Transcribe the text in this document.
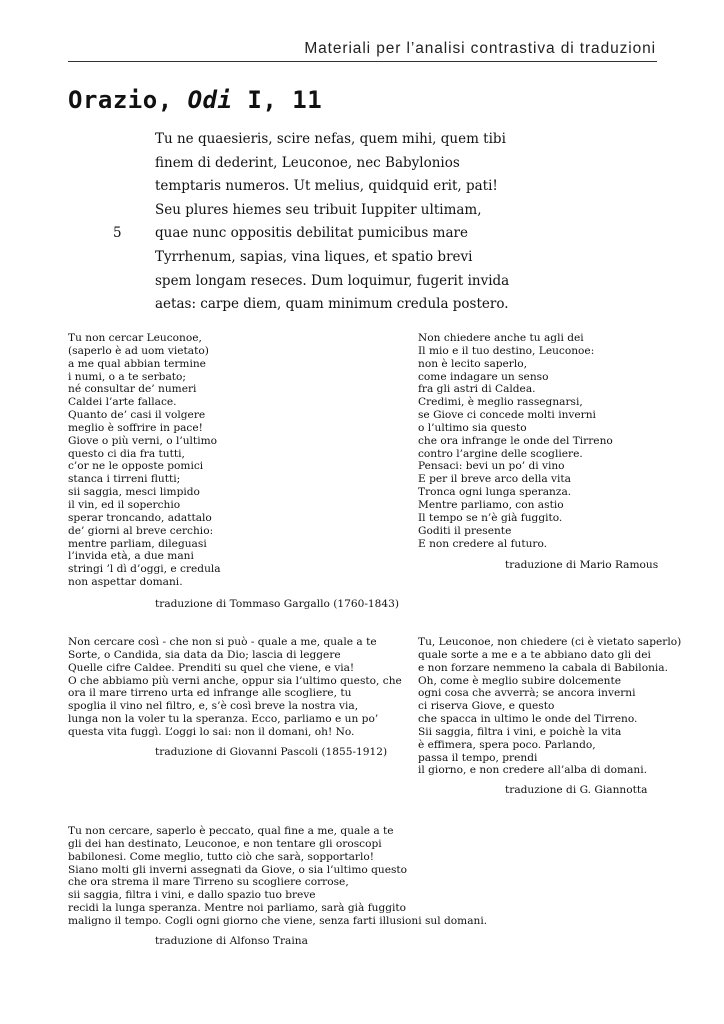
Materiali per l’analisi contrastiva di traduzioni
Orazio, Odi I, 11
5
Tu ne quaesieris, scire nefas, quem mihi, quem tibi
finem di dederint, Leuconoe, nec Babylonios
temptaris numeros. Ut melius, quidquid erit, pati!
Seu plures hiemes seu tribuit Iuppiter ultimam,
quae nunc oppositis debilitat pumicibus mare
Tyrrhenum, sapias, vina liques, et spatio brevi
spem longam reseces. Dum loquimur, fugerit invida
aetas: carpe diem, quam minimum credula postero.
Tu non cercar Leuconoe,
(saperlo è ad uom vietato)
a me qual abbian termine
i numi, o a te serbato;
né consultar de’ numeri
Caldei l’arte fallace.
Quanto de’ casi il volgere
meglio è soffrire in pace!
Giove o più verni, o l’ultimo
questo ci dia fra tutti,
c’or ne le opposte pomici
stanca i tirreni flutti;
sii saggia, mesci limpido
il vin, ed il soperchio
sperar troncando, adattalo
de’ giorni al breve cerchio:
mentre parliam, dileguasi
l’invida età, a due mani
stringi ’l dì d’oggi, e credula
non aspettar domani.
traduzione di Tommaso Gargallo (1760-1843)
Non chiedere anche tu agli dei
Il mio e il tuo destino, Leuconoe:
non è lecito saperlo,
come indagare un senso
fra gli astri di Caldea.
Credimi, è meglio rassegnarsi,
se Giove ci concede molti inverni
o l’ultimo sia questo
che ora infrange le onde del Tirreno
contro l’argine delle scogliere.
Pensaci: bevi un po’ di vino
E per il breve arco della vita
Tronca ogni lunga speranza.
Mentre parliamo, con astio
Il tempo se n’è già fuggito.
Goditi il presente
E non credere al futuro.
traduzione di Mario Ramous
Non cercare così - che non si può - quale a me, quale a te
Sorte, o Candida, sia data da Dio; lascia di leggere
Quelle cifre Caldee. Prenditi su quel che viene, e via!
O che abbiamo più verni anche, oppur sia l’ultimo questo, che
ora il mare tirreno urta ed infrange alle scogliere, tu
spoglia il vino nel filtro, e, s’è così breve la nostra via,
lunga non la voler tu la speranza. Ecco, parliamo e un po’
questa vita fuggì. L’oggi lo sai: non il domani, oh! No.
traduzione di Giovanni Pascoli (1855-1912)
Tu, Leuconoe, non chiedere (ci è vietato saperlo)
quale sorte a me e a te abbiano dato gli dei
e non forzare nemmeno la cabala di Babilonia.
Oh, come è meglio subire dolcemente
ogni cosa che avverrà; se ancora inverni
ci riserva Giove, e questo
che spacca in ultimo le onde del Tirreno.
Sii saggia, filtra i vini, e poichè la vita
è effimera, spera poco. Parlando,
passa il tempo, prendi
il giorno, e non credere all’alba di domani.
traduzione di G. Giannotta
Tu non cercare, saperlo è peccato, qual fine a me, quale a te
gli dei han destinato, Leuconoe, e non tentare gli oroscopi
babilonesi. Come meglio, tutto ciò che sarà, sopportarlo!
Siano molti gli inverni assegnati da Giove, o sia l’ultimo questo
che ora strema il mare Tirreno su scogliere corrose,
sii saggia, filtra i vini, e dallo spazio tuo breve
recidi la lunga speranza. Mentre noi parliamo, sarà già fuggito
maligno il tempo. Cogli ogni giorno che viene, senza farti illusioni sul domani.
traduzione di Alfonso Traina
